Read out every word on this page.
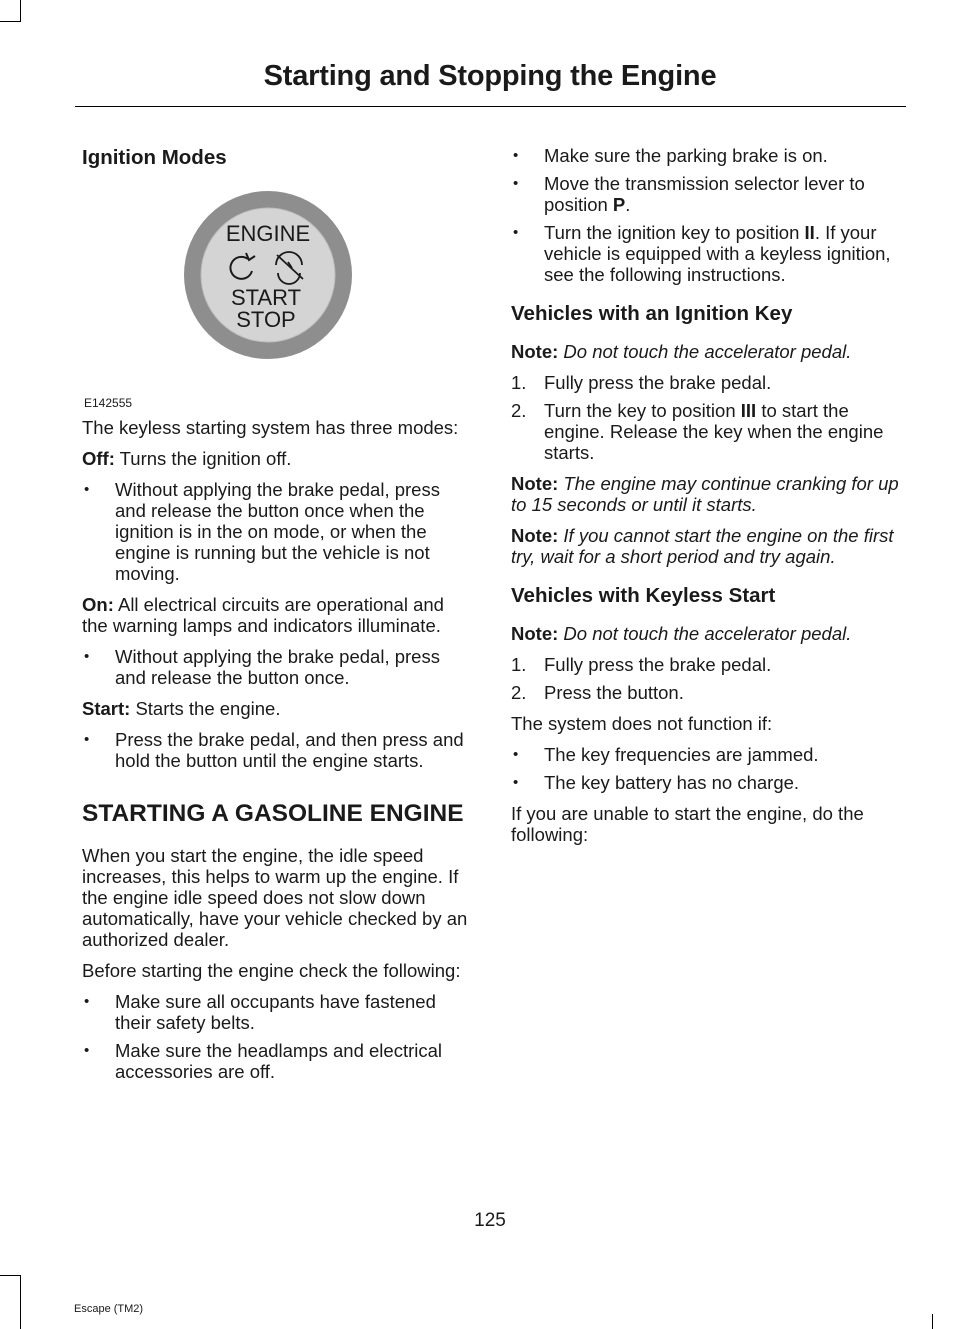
Starting and Stopping the Engine
Ignition Modes
ENGINE
START
STOP
E142555

The keyless starting system has three modes:

Off: Turns the ignition off.

• Without applying the brake pedal, press and release the button once when the ignition is in the on mode, or when the engine is running but the vehicle is not moving.

On: All electrical circuits are operational and the warning lamps and indicators illuminate.

• Without applying the brake pedal, press and release the button once.

Start: Starts the engine.

• Press the brake pedal, and then press and hold the button until the engine starts.
STARTING A GASOLINE ENGINE

When you start the engine, the idle speed increases, this helps to warm up the engine. If the engine idle speed does not slow down automatically, have your vehicle checked by an authorized dealer.

Before starting the engine check the following:

• Make sure all occupants have fastened their safety belts.
• Make sure the headlamps and electrical accessories are off.
• Make sure the parking brake is on.
• Move the transmission selector lever to position P.
• Turn the ignition key to position II. If your vehicle is equipped with a keyless ignition, see the following instructions.
Vehicles with an Ignition Key

Note: Do not touch the accelerator pedal.

1. Fully press the brake pedal.
2. Turn the key to position III to start the engine. Release the key when the engine starts.

Note: The engine may continue cranking for up to 15 seconds or until it starts.

Note: If you cannot start the engine on the first try, wait for a short period and try again.

Vehicles with Keyless Start

Note: Do not touch the accelerator pedal.

1. Fully press the brake pedal.
2. Press the button.

The system does not function if:

• The key frequencies are jammed.
• The key battery has no charge.

If you are unable to start the engine, do the following:

125
Escape (TM2)
